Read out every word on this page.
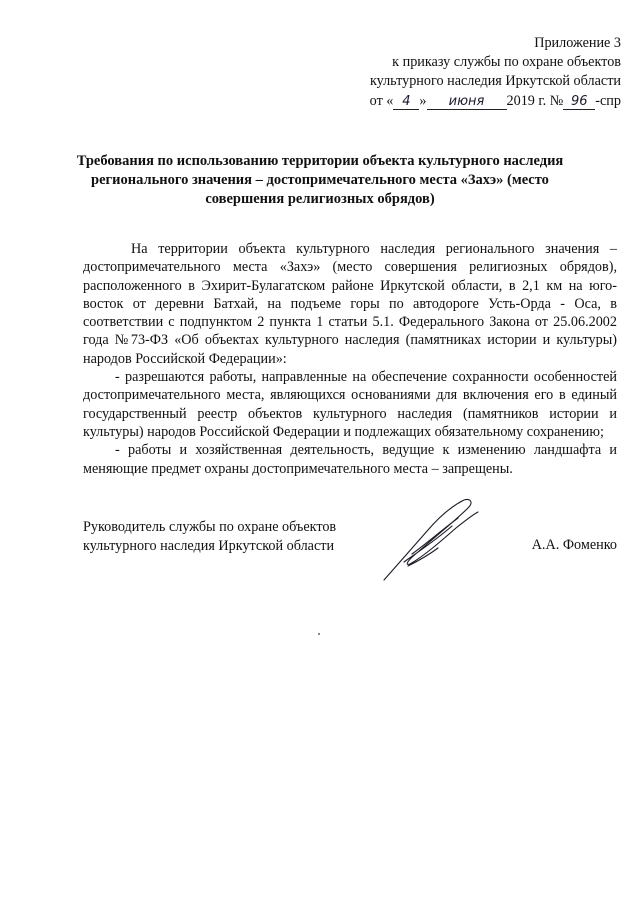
Приложение 3
к приказу службы по охране объектов
культурного наследия Иркутской области
от « 4 » июня 2019 г. № 96 -спр
Требования по использованию территории объекта культурного наследия регионального значения – достопримечательного места «Захэ» (место совершения религиозных обрядов)

На территории объекта культурного наследия регионального значения – достопримечательного места «Захэ» (место совершения религиозных обрядов), расположенного в Эхирит-Булагатском районе Иркутской области, в 2,1 км на юго-восток от деревни Батхай, на подъеме горы по автодороге Усть-Орда - Оса, в соответствии с подпунктом 2 пункта 1 статьи 5.1. Федерального Закона от 25.06.2002 года №73-ФЗ «Об объектах культурного наследия (памятниках истории и культуры) народов Российской Федерации»:

- разрешаются работы, направленные на обеспечение сохранности особенностей достопримечательного места, являющихся основаниями для включения его в единый государственный реестр объектов культурного наследия (памятников истории и культуры) народов Российской Федерации и подлежащих обязательному сохранению;

- работы и хозяйственная деятельность, ведущие к изменению ландшафта и меняющие предмет охраны достопримечательного места – запрещены.

Руководитель службы по охране объектов
культурного наследия Иркутской области	А.А. Фоменко
